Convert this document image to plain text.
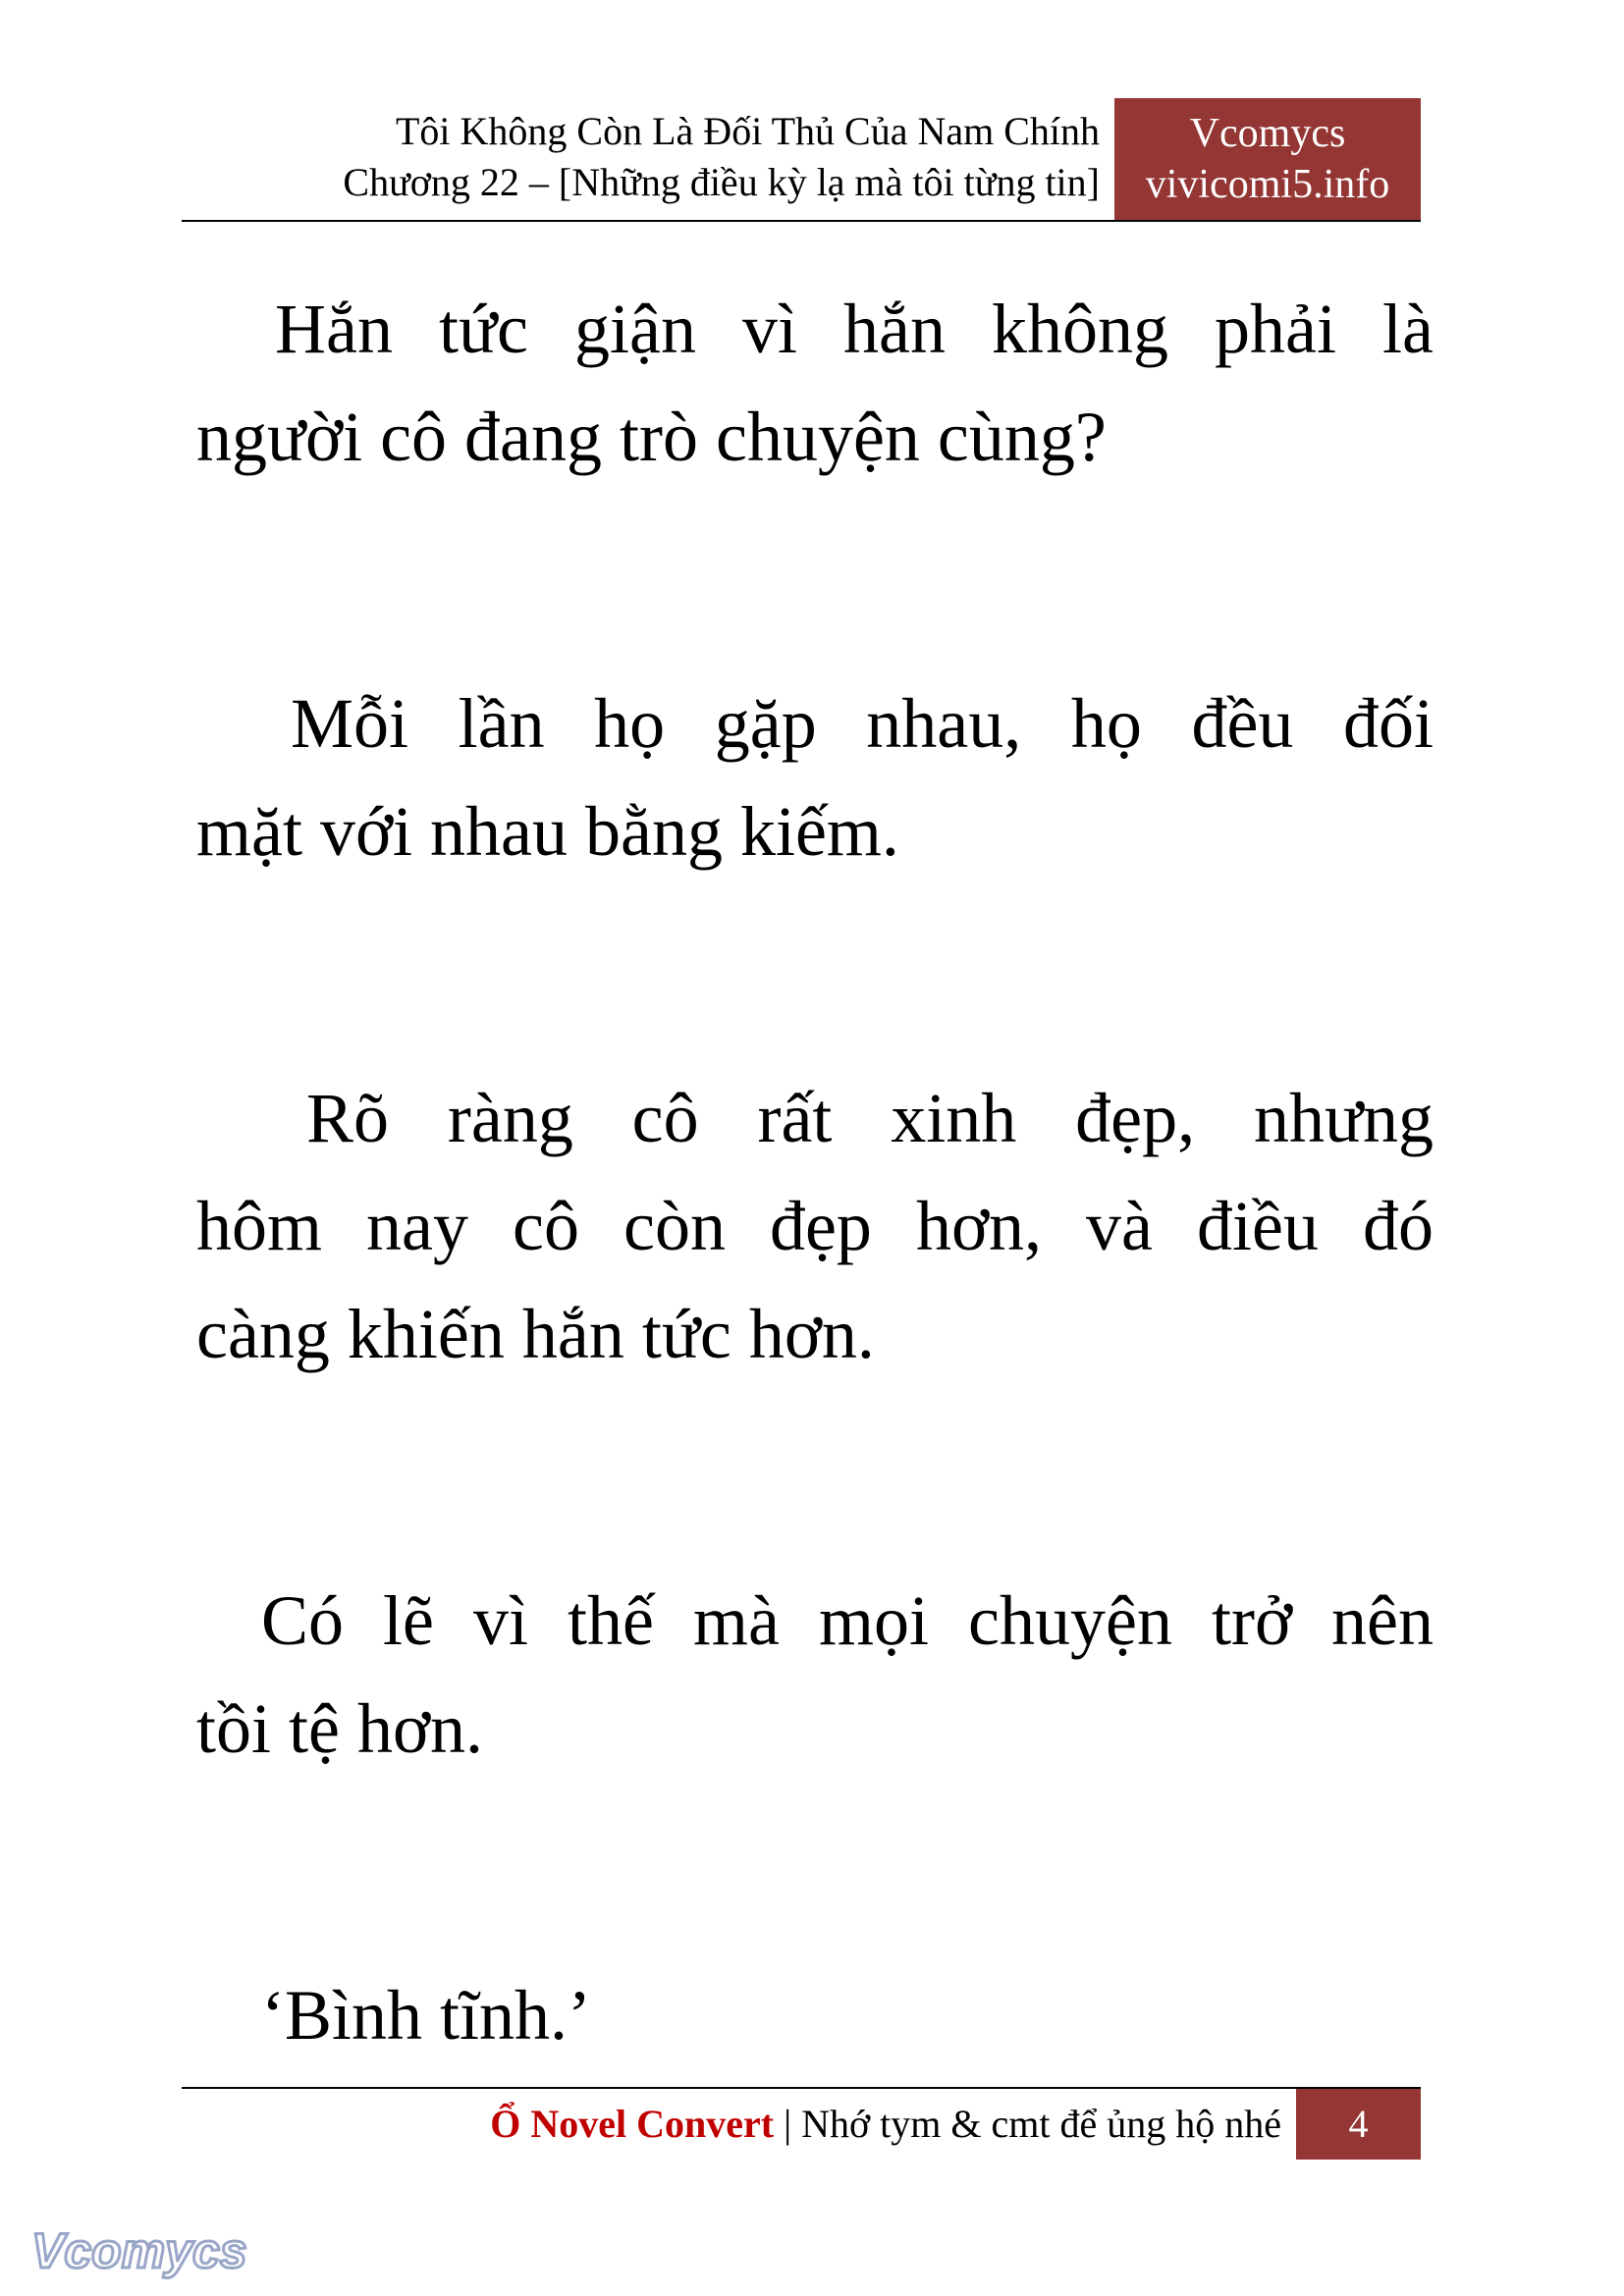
Tôi Không Còn Là Đối Thủ Của Nam Chính
Chương 22 – [Những điều kỳ lạ mà tôi từng tin]
Vcomycs
vivicomi5.info

Hắn tức giận vì hắn không phải là
người cô đang trò chuyện cùng?

Mỗi lần họ gặp nhau, họ đều đối
mặt với nhau bằng kiếm.

Rõ ràng cô rất xinh đẹp, nhưng
hôm nay cô còn đẹp hơn, và điều đó
càng khiến hắn tức hơn.

Có lẽ vì thế mà mọi chuyện trở nên
tồi tệ hơn.

‘Bình tĩnh.’

Ổ Novel Convert | Nhớ tym & cmt để ủng hộ nhé	4
Vcomycs
